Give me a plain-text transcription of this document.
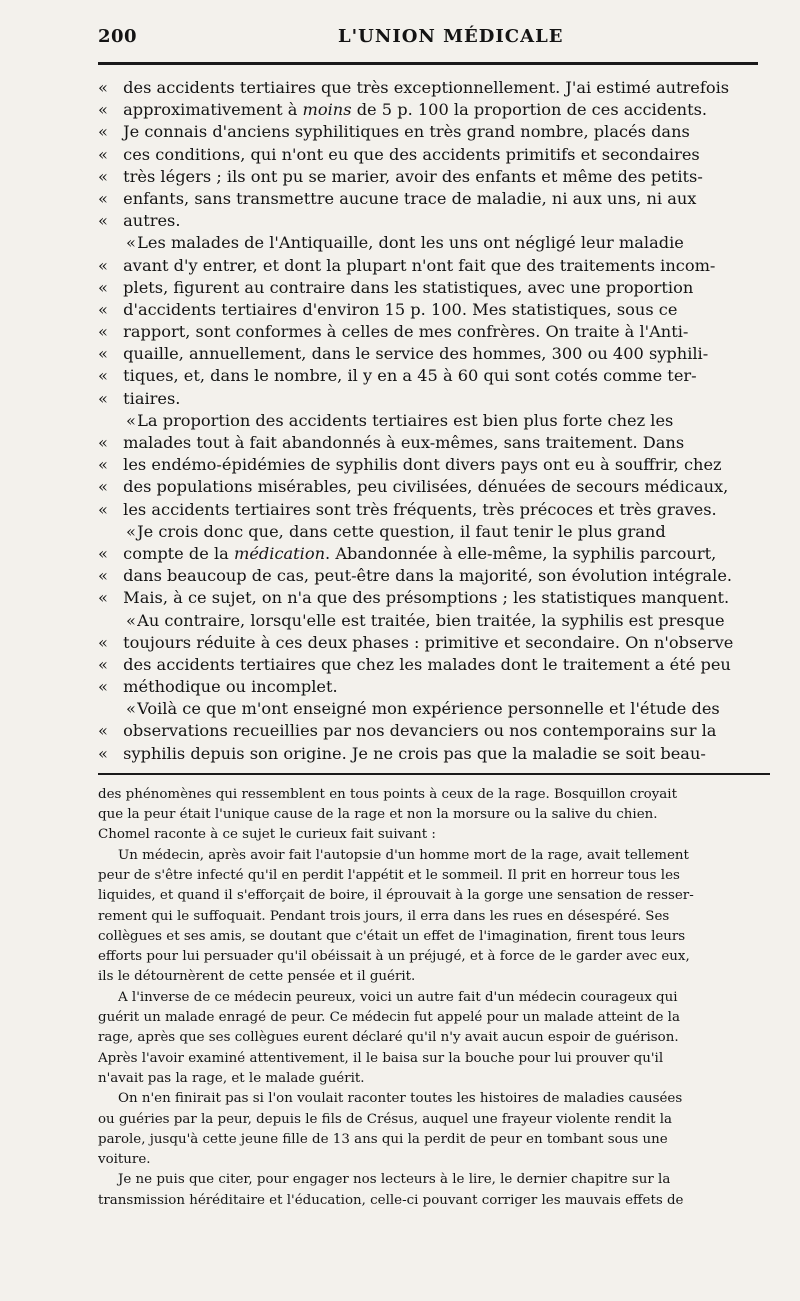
200	L'UNION MÉDICALE
« des accidents tertiaires que très exceptionnellement. J'ai estimé autrefois
« approximativement à moins de 5 p. 100 la proportion de ces accidents.
« Je connais d'anciens syphilitiques en très grand nombre, placés dans
« ces conditions, qui n'ont eu que des accidents primitifs et secondaires
« très légers ; ils ont pu se marier, avoir des enfants et même des petits-
« enfants, sans transmettre aucune trace de maladie, ni aux uns, ni aux
« autres.
« Les malades de l'Antiquaille, dont les uns ont négligé leur maladie
« avant d'y entrer, et dont la plupart n'ont fait que des traitements incom-
« plets, figurent au contraire dans les statistiques, avec une proportion
« d'accidents tertiaires d'environ 15 p. 100. Mes statistiques, sous ce
« rapport, sont conformes à celles de mes confrères. On traite à l'Anti-
« quaille, annuellement, dans le service des hommes, 300 ou 400 syphili-
« tiques, et, dans le nombre, il y en a 45 à 60 qui sont cotés comme ter-
« tiaires.
« La proportion des accidents tertiaires est bien plus forte chez les
« malades tout à fait abandonnés à eux-mêmes, sans traitement. Dans
« les endémo-épidémies de syphilis dont divers pays ont eu à souffrir, chez
« des populations misérables, peu civilisées, dénuées de secours médicaux,
« les accidents tertiaires sont très fréquents, très précoces et très graves.
« Je crois donc que, dans cette question, il faut tenir le plus grand
« compte de la médication. Abandonnée à elle-même, la syphilis parcourt,
« dans beaucoup de cas, peut-être dans la majorité, son évolution intégrale.
« Mais, à ce sujet, on n'a que des présomptions ; les statistiques manquent.
« Au contraire, lorsqu'elle est traitée, bien traitée, la syphilis est presque
« toujours réduite à ces deux phases : primitive et secondaire. On n'observe
« des accidents tertiaires que chez les malades dont le traitement a été peu
« méthodique ou incomplet.
« Voilà ce que m'ont enseigné mon expérience personnelle et l'étude des
« observations recueillies par nos devanciers ou nos contemporains sur la
« syphilis depuis son origine. Je ne crois pas que la maladie se soit beau-
des phénomènes qui ressemblent en tous points à ceux de la rage. Bosquillon croyait
que la peur était l'unique cause de la rage et non la morsure ou la salive du chien.
Chomel raconte à ce sujet le curieux fait suivant :
Un médecin, après avoir fait l'autopsie d'un homme mort de la rage, avait tellement
peur de s'être infecté qu'il en perdit l'appétit et le sommeil. Il prit en horreur tous les
liquides, et quand il s'efforçait de boire, il éprouvait à la gorge une sensation de resser-
rement qui le suffoquait. Pendant trois jours, il erra dans les rues en désespéré. Ses
collègues et ses amis, se doutant que c'était un effet de l'imagination, firent tous leurs
efforts pour lui persuader qu'il obéissait à un préjugé, et à force de le garder avec eux,
ils le détournèrent de cette pensée et il guérit.
A l'inverse de ce médecin peureux, voici un autre fait d'un médecin courageux qui
guérit un malade enragé de peur. Ce médecin fut appelé pour un malade atteint de la
rage, après que ses collègues eurent déclaré qu'il n'y avait aucun espoir de guérison.
Après l'avoir examiné attentivement, il le baisa sur la bouche pour lui prouver qu'il
n'avait pas la rage, et le malade guérit.
On n'en finirait pas si l'on voulait raconter toutes les histoires de maladies causées
ou guéries par la peur, depuis le fils de Crésus, auquel une frayeur violente rendit la
parole, jusqu'à cette jeune fille de 13 ans qui la perdit de peur en tombant sous une
voiture.
Je ne puis que citer, pour engager nos lecteurs à le lire, le dernier chapitre sur la
transmission héréditaire et l'éducation, celle-ci pouvant corriger les mauvais effets de
